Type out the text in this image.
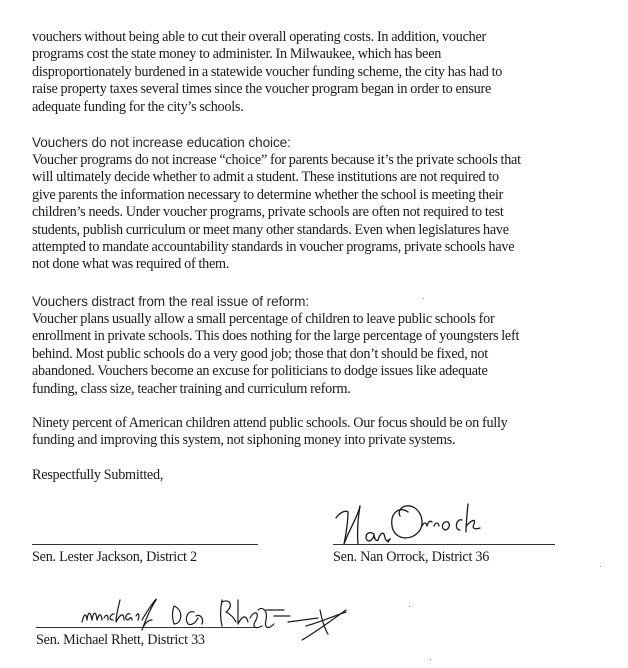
vouchers without being able to cut their overall operating costs. In addition, voucher
programs cost the state money to administer. In Milwaukee, which has been
disproportionately burdened in a statewide voucher funding scheme, the city has had to
raise property taxes several times since the voucher program began in order to ensure
adequate funding for the city’s schools.

Vouchers do not increase education choice:

Voucher programs do not increase “choice” for parents because it’s the private schools that
will ultimately decide whether to admit a student. These institutions are not required to
give parents the information necessary to determine whether the school is meeting their
children’s needs. Under voucher programs, private schools are often not required to test
students, publish curriculum or meet many other standards. Even when legislatures have
attempted to mandate accountability standards in voucher programs, private schools have
not done what was required of them.

Vouchers distract from the real issue of reform:

Voucher plans usually allow a small percentage of children to leave public schools for
enrollment in private schools. This does nothing for the large percentage of youngsters left
behind. Most public schools do a very good job; those that don’t should be fixed, not
abandoned. Vouchers become an excuse for politicians to dodge issues like adequate
funding, class size, teacher training and curriculum reform.

Ninety percent of American children attend public schools. Our focus should be on fully
funding and improving this system, not siphoning money into private systems.

Respectfully Submitted,

Sen. Lester Jackson, District 2	Sen. Nan Orrock, District 36
Sen. Michael Rhett, District 33
